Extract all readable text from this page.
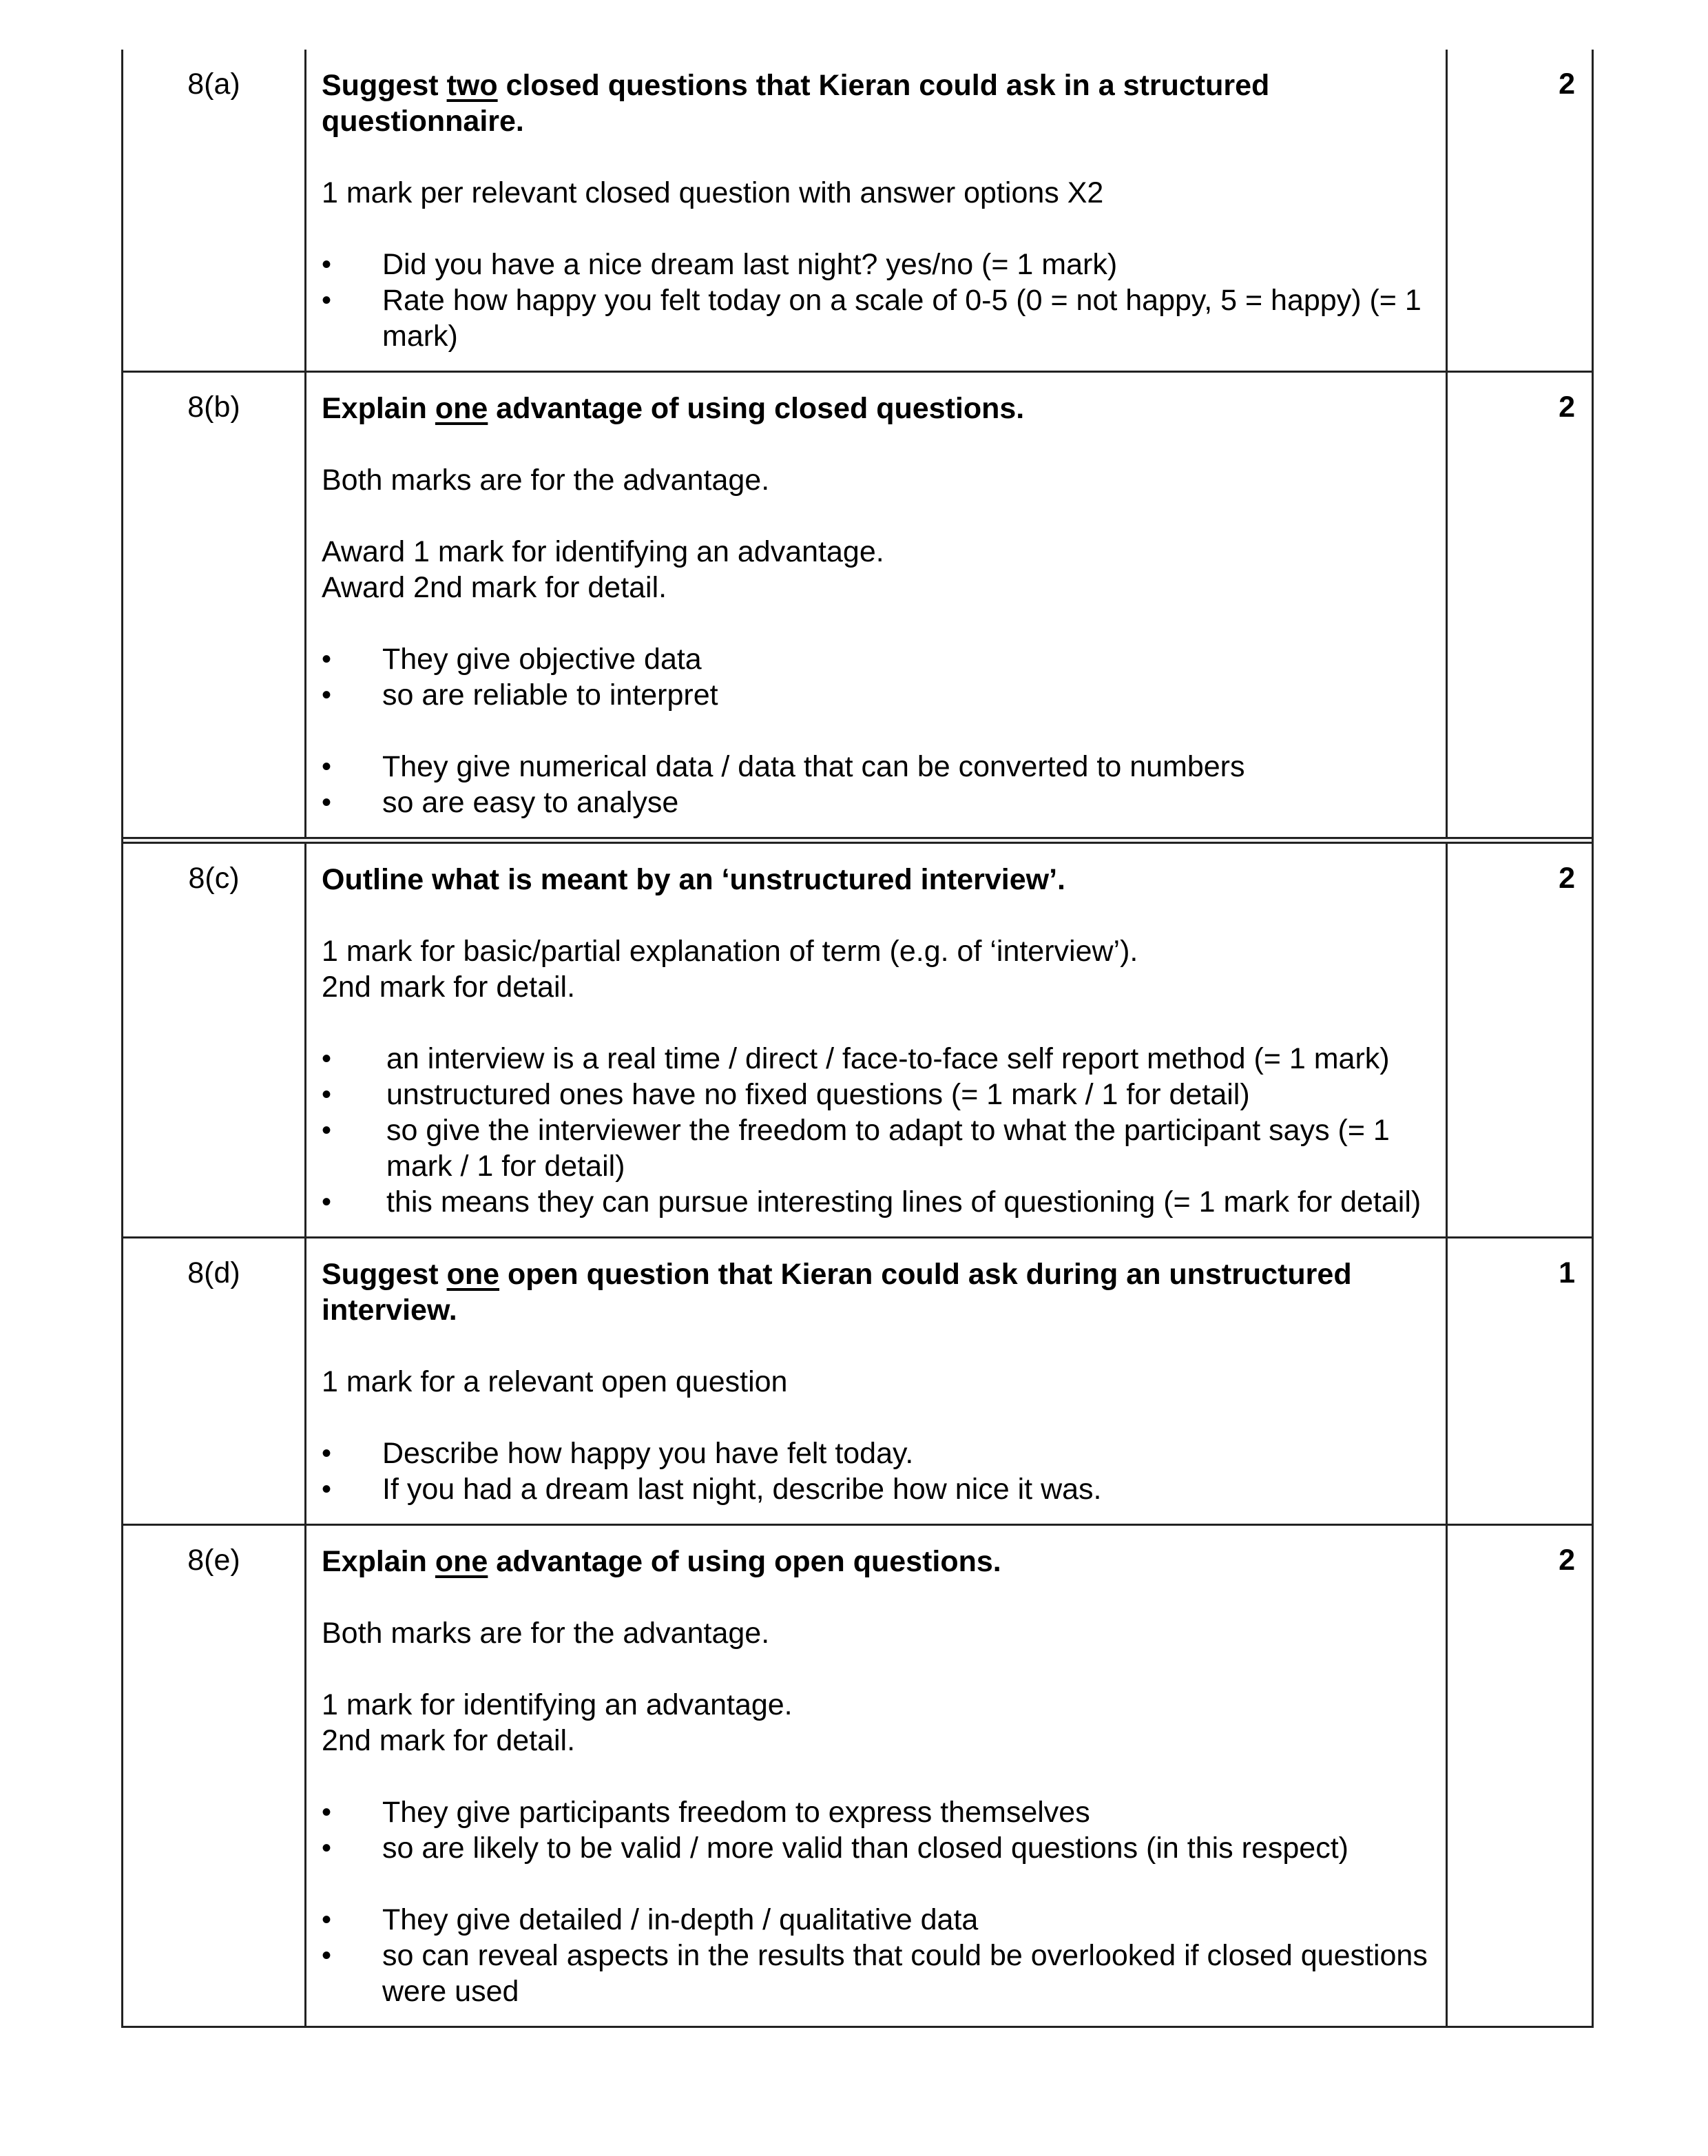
8(a)	Suggest two closed questions that Kieran could ask in a structured questionnaire.
1 mark per relevant closed question with answer options X2
• Did you have a nice dream last night? yes/no (= 1 mark)
• Rate how happy you felt today on a scale of 0-5 (0 = not happy, 5 = happy) (= 1 mark)
2
8(b)	Explain one advantage of using closed questions.
Both marks are for the advantage.
Award 1 mark for identifying an advantage.
Award 2nd mark for detail.
• They give objective data
• so are reliable to interpret
• They give numerical data / data that can be converted to numbers
• so are easy to analyse
2
8(c)	Outline what is meant by an ‘unstructured interview’.
1 mark for basic/partial explanation of term (e.g. of ‘interview’).
2nd mark for detail.
• an interview is a real time / direct / face-to-face self report method (= 1 mark)
• unstructured ones have no fixed questions (= 1 mark / 1 for detail)
• so give the interviewer the freedom to adapt to what the participant says (= 1 mark / 1 for detail)
• this means they can pursue interesting lines of questioning (= 1 mark for detail)
2
8(d)	Suggest one open question that Kieran could ask during an unstructured interview.
1 mark for a relevant open question
• Describe how happy you have felt today.
• If you had a dream last night, describe how nice it was.
1
8(e)	Explain one advantage of using open questions.
Both marks are for the advantage.
1 mark for identifying an advantage.
2nd mark for detail.
• They give participants freedom to express themselves
• so are likely to be valid / more valid than closed questions (in this respect)
• They give detailed / in-depth / qualitative data
• so can reveal aspects in the results that could be overlooked if closed questions were used
2
